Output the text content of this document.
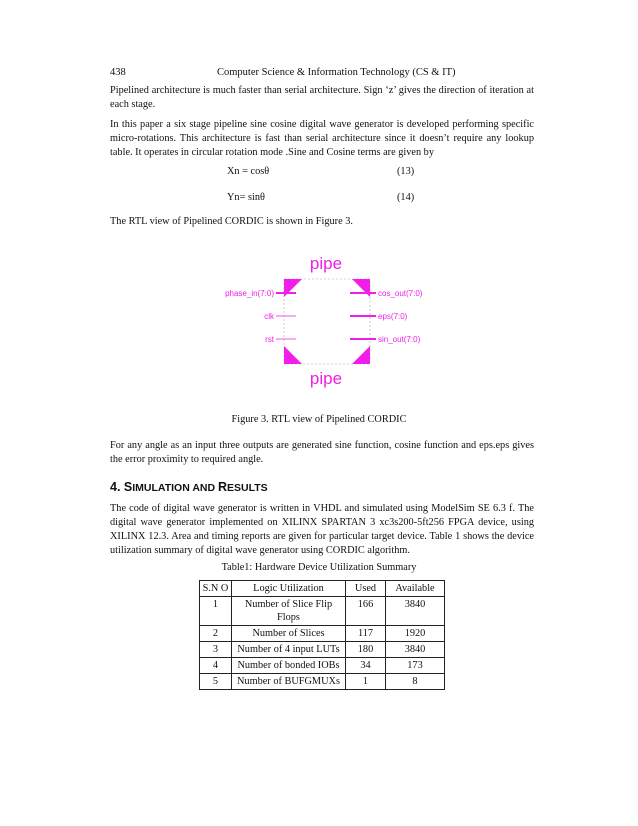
438	Computer Science & Information Technology (CS & IT)

Pipelined architecture is much faster than serial architecture. Sign ‘z’ gives the direction of iteration at each stage.

In this paper a six stage pipeline sine cosine digital wave generator is developed performing specific micro-rotations. This architecture is fast than serial architecture since it doesn’t require any lookup table. It operates in circular rotation mode .Sine and Cosine terms are given by

Xn = cosθ	(13)
Yn= sinθ	(14)

The RTL view of Pipelined CORDIC is shown in Figure 3.

pipe
pipe
phase_in(7:0)
clk
rst
cos_out(7:0)
eps(7:0)
sin_out(7:0)
Figure 3. RTL view of Pipelined CORDIC

For any angle as an input three outputs are generated sine function, cosine function and eps.eps gives the error proximity to required angle.

4. SIMULATION AND RESULTS

The code of digital wave generator is written in VHDL and simulated using ModelSim SE 6.3 f. The digital wave generator implemented on XILINX SPARTAN 3 xc3s200-5ft256 FPGA device, using XILINX 12.3. Area and timing reports are given for particular target device. Table 1 shows the device utilization summary of digital wave generator using CORDIC algorithm.

Table1: Hardware Device Utilization Summary
S.N O	Logic Utilization	Used	Available
1	Number of Slice Flip Flops	166	3840
2	Number of Slices	117	1920
3	Number of 4 input LUTs	180	3840
4	Number of bonded IOBs	34	173
5	Number of BUFGMUXs	1	8
